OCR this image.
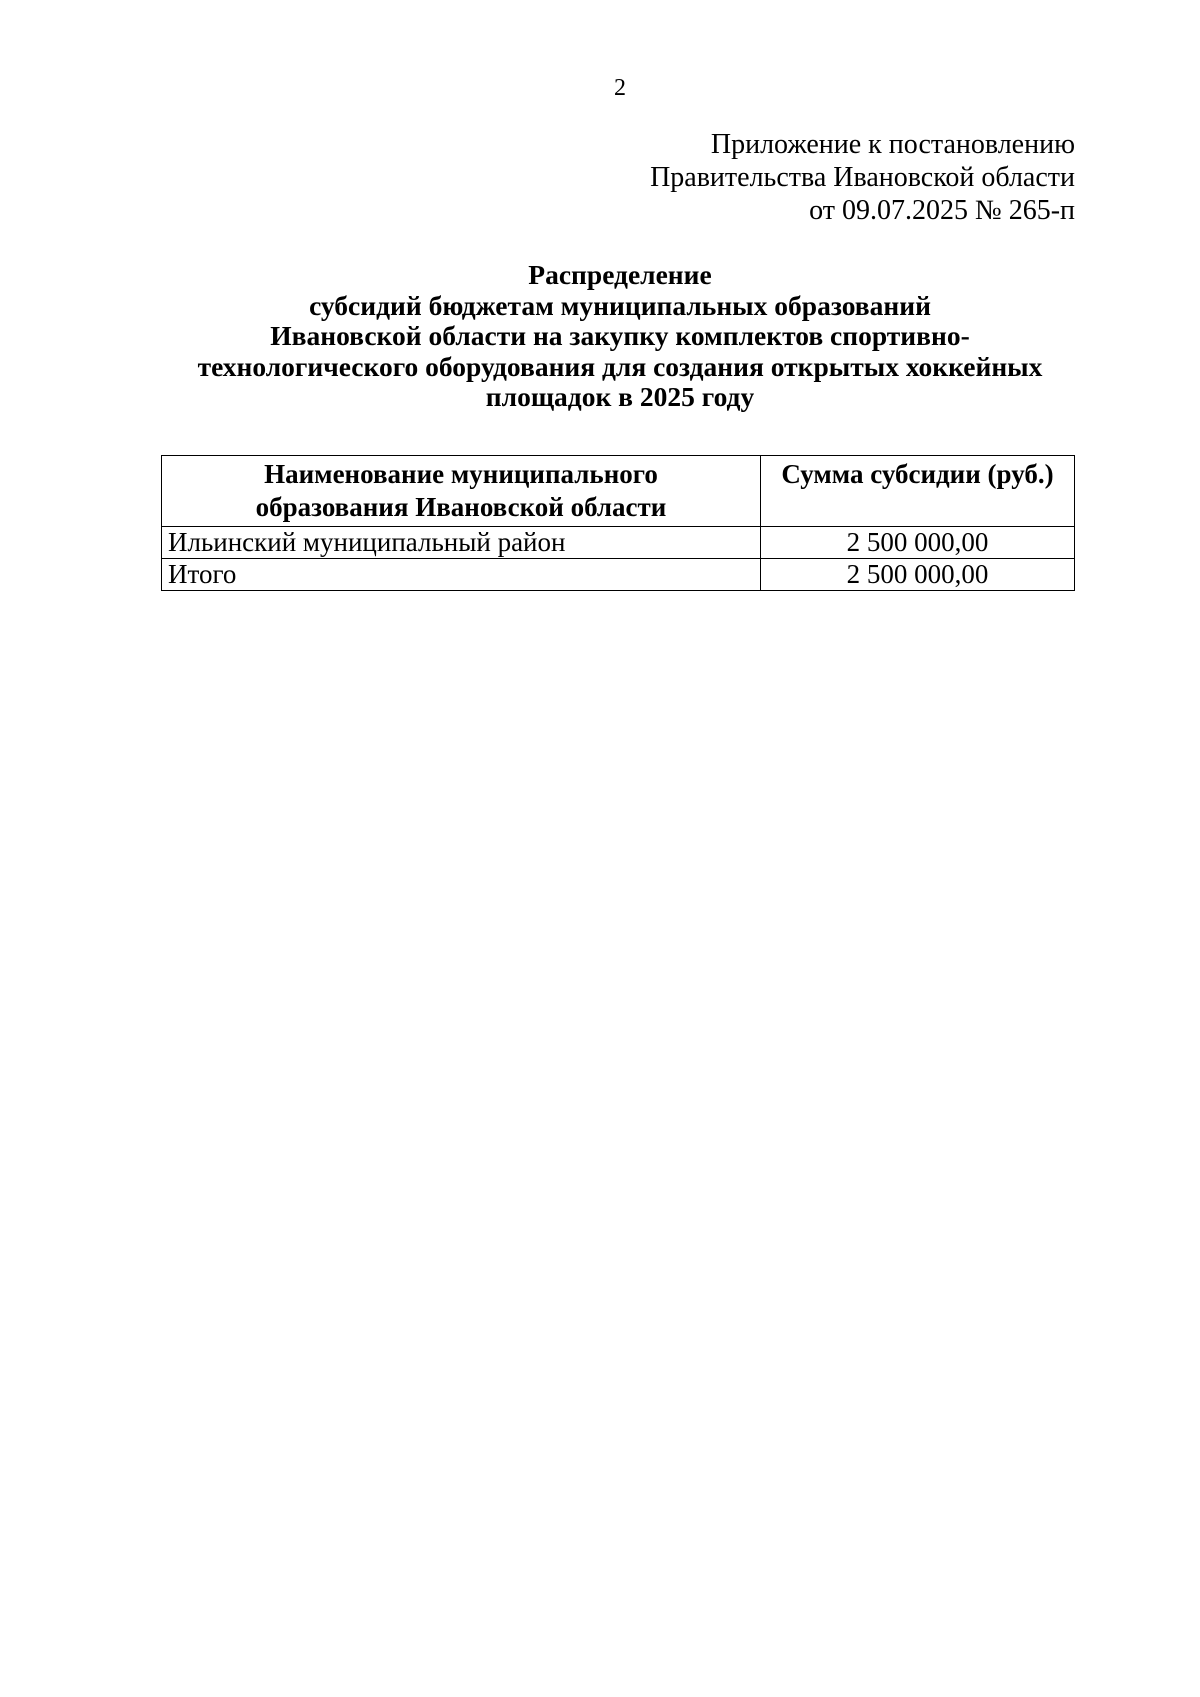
2
Приложение к постановлению
Правительства Ивановской области
от 09.07.2025 № 265-п
Распределение
субсидий бюджетам муниципальных образований
Ивановской области на закупку комплектов спортивно-
технологического оборудования для создания открытых хоккейных
площадок в 2025 году
Наименование муниципального
образования Ивановской области	Сумма субсидии (руб.)
Ильинский муниципальный район	2 500 000,00
Итого	2 500 000,00
